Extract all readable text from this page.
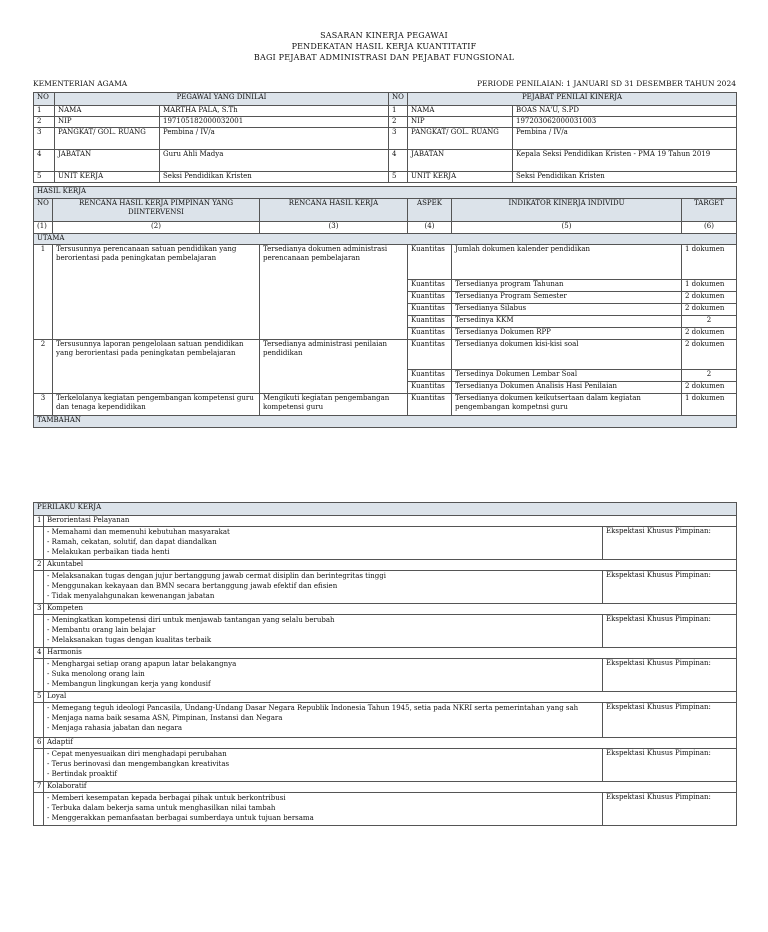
SASARAN KINERJA PEGAWAI
PENDEKATAN HASIL KERJA KUANTITATIF
BAGI PEJABAT ADMINISTRASI DAN PEJABAT FUNGSIONAL
KEMENTERIAN AGAMA	PERIODE PENILAIAN: 1 JANUARI SD 31 DESEMBER TAHUN 2024
NO	PEGAWAI YANG DINILAI		NO	PEJABAT PENILAI KINERJA	
1	NAMA	MARTHA PALA, S.Th	1	NAMA	BOAS NA'U, S.PD
2	NIP	197105182000032001	2	NIP	197203062000031003
3	PANGKAT/ GOL. RUANG	Pembina / IV/a	3	PANGKAT/ GOL. RUANG	Pembina / IV/a
4	JABATAN	Guru Ahli Madya	4	JABATAN	Kepala Seksi Pendidikan Kristen - PMA 19 Tahun 2019
5	UNIT KERJA	Seksi Pendidikan Kristen	5	UNIT KERJA	Seksi Pendidikan Kristen
HASIL KERJA					
NO	RENCANA HASIL KERJA PIMPINAN YANG DIINTERVENSI	RENCANA HASIL KERJA	ASPEK	INDIKATOR KINERJA INDIVIDU	TARGET
(1)	(2)	(3)	(4)	(5)	(6)
UTAMA					
1	Tersusunnya perencanaan satuan pendidikan yang berorientasi pada peningkatan pembelajaran	Tersedianya dokumen administrasi perencanaan pembelajaran	Kuantitas	Jumlah dokumen kalender pendidikan	1 dokumen
			Kuantitas	Tersedianya program Tahunan	1 dokumen
			Kuantitas	Tersedianya Program Semester	2 dokumen
			Kuantitas	Tersedianya Silabus	2 dokumen
			Kuantitas	Tersedinya KKM	2
			Kuantitas	Tersedianya Dokumen RPP	2 dokumen
2	Tersusunnya laporan pengelolaan satuan pendidikan yang berorientasi pada peningkatan pembelajaran	Tersedianya administrasi penilaian pendidikan	Kuantitas	Tersedianya dokumen kisi-kisi soal	2 dokumen
			Kuantitas	Tersedinya Dokumen Lembar Soal	2
			Kuantitas	Tersedianya Dokumen Analisis Hasi Penilaian	2 dokumen
3	Terkelolanya kegiatan pengembangan kompetensi guru dan tenaga kependidikan	Mengikuti kegiatan pengembangan kompetensi guru	Kuantitas	Tersedianya dokumen keikutsertaan dalam kegiatan pengembangan kompetnsi guru	1 dokumen
TAMBAHAN					
PERILAKU KERJA		
1	Berorientasi Pelayanan	

	- Memahami dan memenuhi kebutuhan masyarakat
- Ramah, cekatan, solutif, dan dapat diandalkan
- Melakukan perbaikan tiada henti	Ekspektasi Khusus Pimpinan:
2	Akuntabel	

	- Melaksanakan tugas dengan jujur bertanggung jawab cermat disiplin dan berintegritas tinggi
- Menggunakan kekayaan dan BMN secara bertanggung jawab efektif dan efisien
- Tidak menyalahgunakan kewenangan jabatan	Ekspektasi Khusus Pimpinan:
3	Kompeten	

	- Meningkatkan kompetensi diri untuk menjawab tantangan yang selalu berubah
- Membantu orang lain belajar
- Melaksanakan tugas dengan kualitas terbaik	Ekspektasi Khusus Pimpinan:
4	Harmonis	

	- Menghargai setiap orang apapun latar belakangnya
- Suka menolong orang lain
- Membangun lingkungan kerja yang kondusif	Ekspektasi Khusus Pimpinan:
5	Loyal	

	- Memegang teguh ideologi Pancasila, Undang-Undang Dasar Negara Republik Indonesia Tahun 1945, setia pada NKRI serta pemerintahan yang sah
- Menjaga nama baik sesama ASN, Pimpinan, Instansi dan Negara
- Menjaga rahasia jabatan dan negara	Ekspektasi Khusus Pimpinan:
6	Adaptif	

	- Cepat menyesuaikan diri menghadapi perubahan
- Terus berinovasi dan mengembangkan kreativitas
- Bertindak proaktif	Ekspektasi Khusus Pimpinan:
7	Kolaboratif	

	- Memberi kesempatan kepada berbagai pihak untuk berkontribusi
- Terbuka dalam bekerja sama untuk menghasilkan nilai tambah
- Menggerakkan pemanfaatan berbagai sumberdaya untuk tujuan bersama	Ekspektasi Khusus Pimpinan:
